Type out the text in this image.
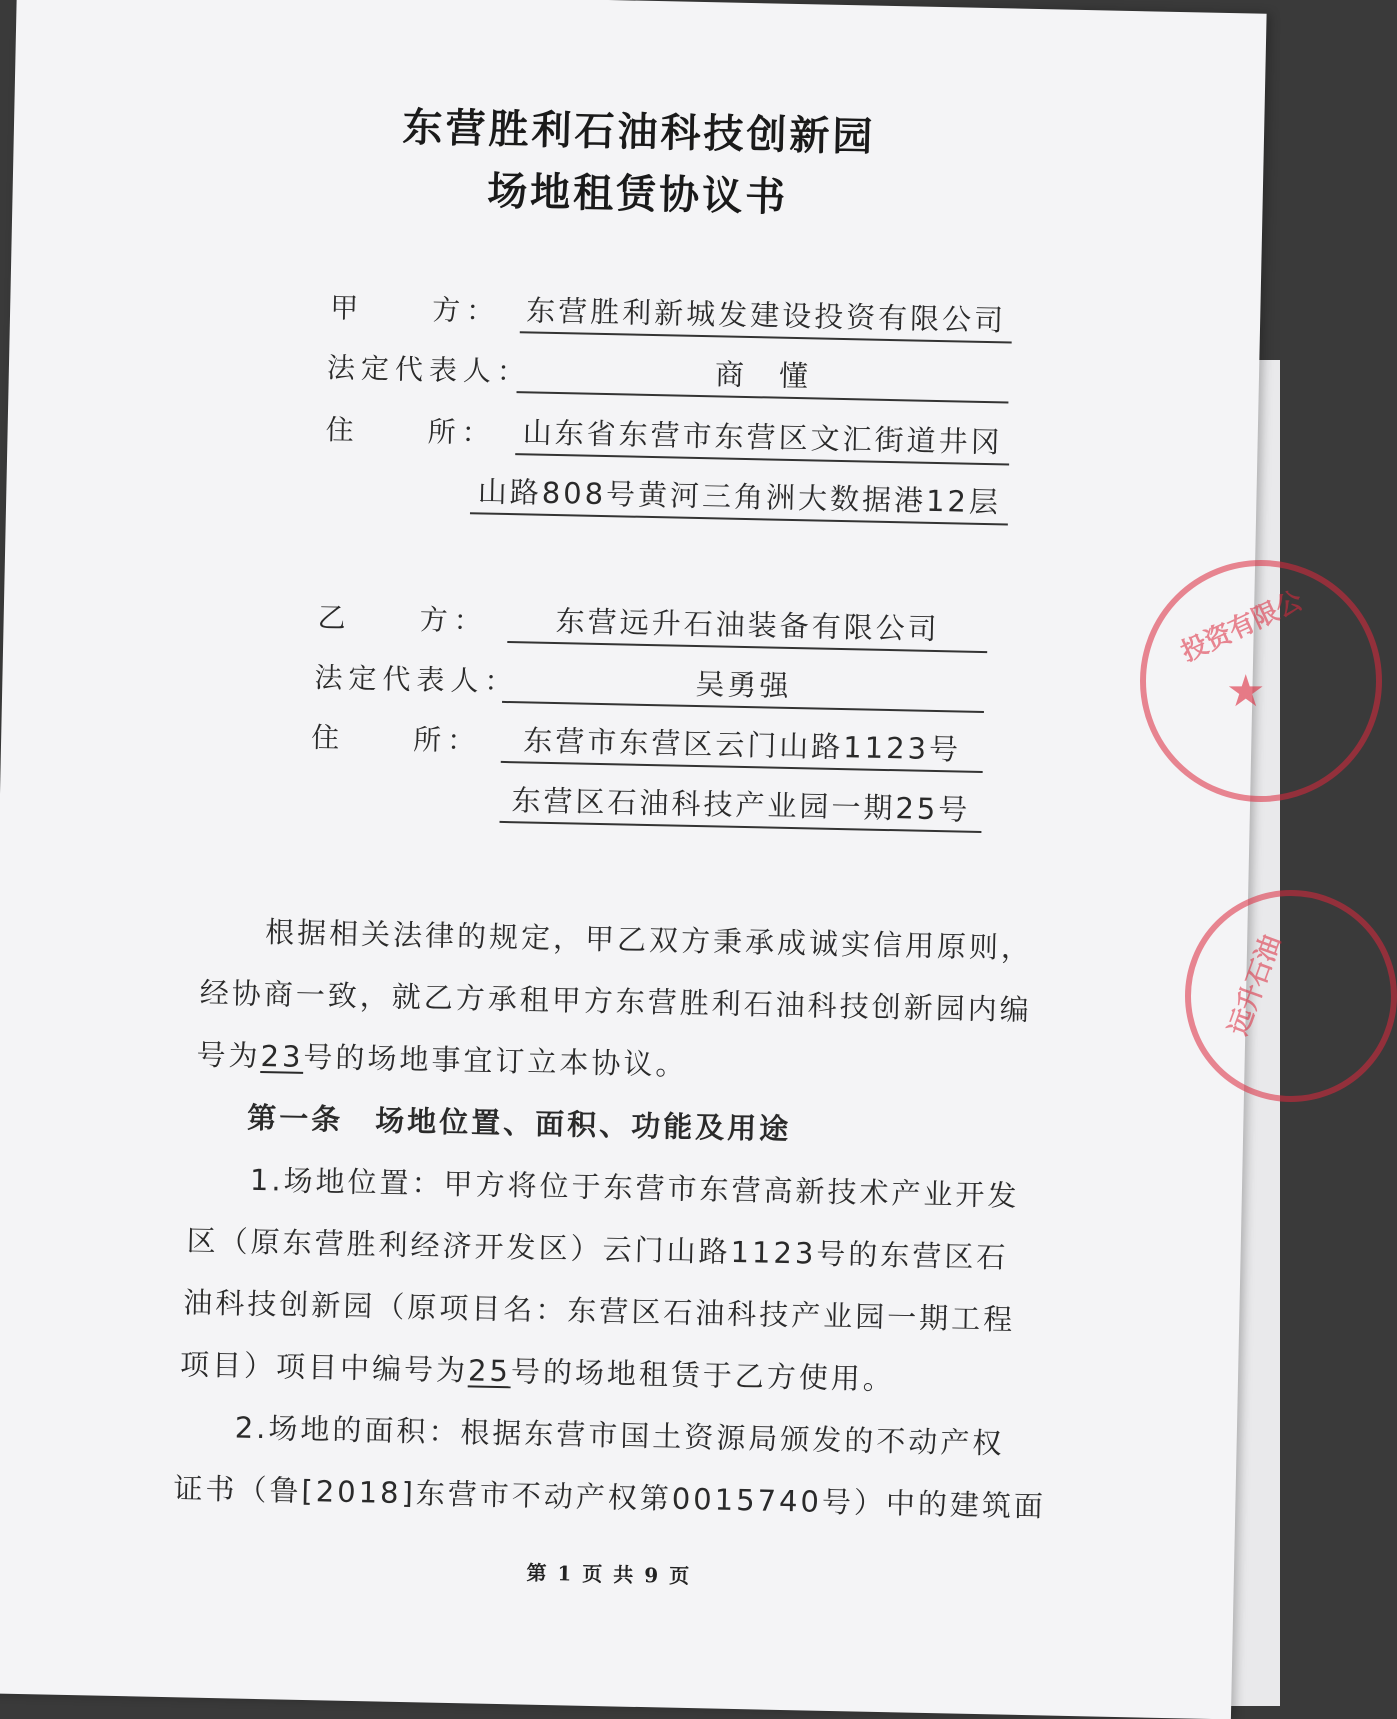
东营胜利石油科技创新园
场地租赁协议书
甲　　方： 东营胜利新城发建设投资有限公司
法定代表人：	商　懂
住　　所： 山东省东营市东营区文汇街道井冈
山路808号黄河三角洲大数据港12层
乙　　方：	东营远升石油装备有限公司
法定代表人：	吴勇强
住　　所：	东营市东营区云门山路1123号
东营区石油科技产业园一期25号
根据相关法律的规定，甲乙双方秉承成诚实信用原则，
经协商一致，就乙方承租甲方东营胜利石油科技创新园内编
号为23号的场地事宜订立本协议。
第一条　场地位置、面积、功能及用途
1.场地位置：甲方将位于东营市东营高新技术产业开发
区（原东营胜利经济开发区）云门山路1123号的东营区石
油科技创新园（原项目名：东营区石油科技产业园一期工程
项目）项目中编号为25号的场地租赁于乙方使用。
2.场地的面积：根据东营市国土资源局颁发的不动产权
证书（鲁[2018]东营市不动产权第0015740号）中的建筑面
第 1 页 共 9 页
投资有限公
★
远升石油
